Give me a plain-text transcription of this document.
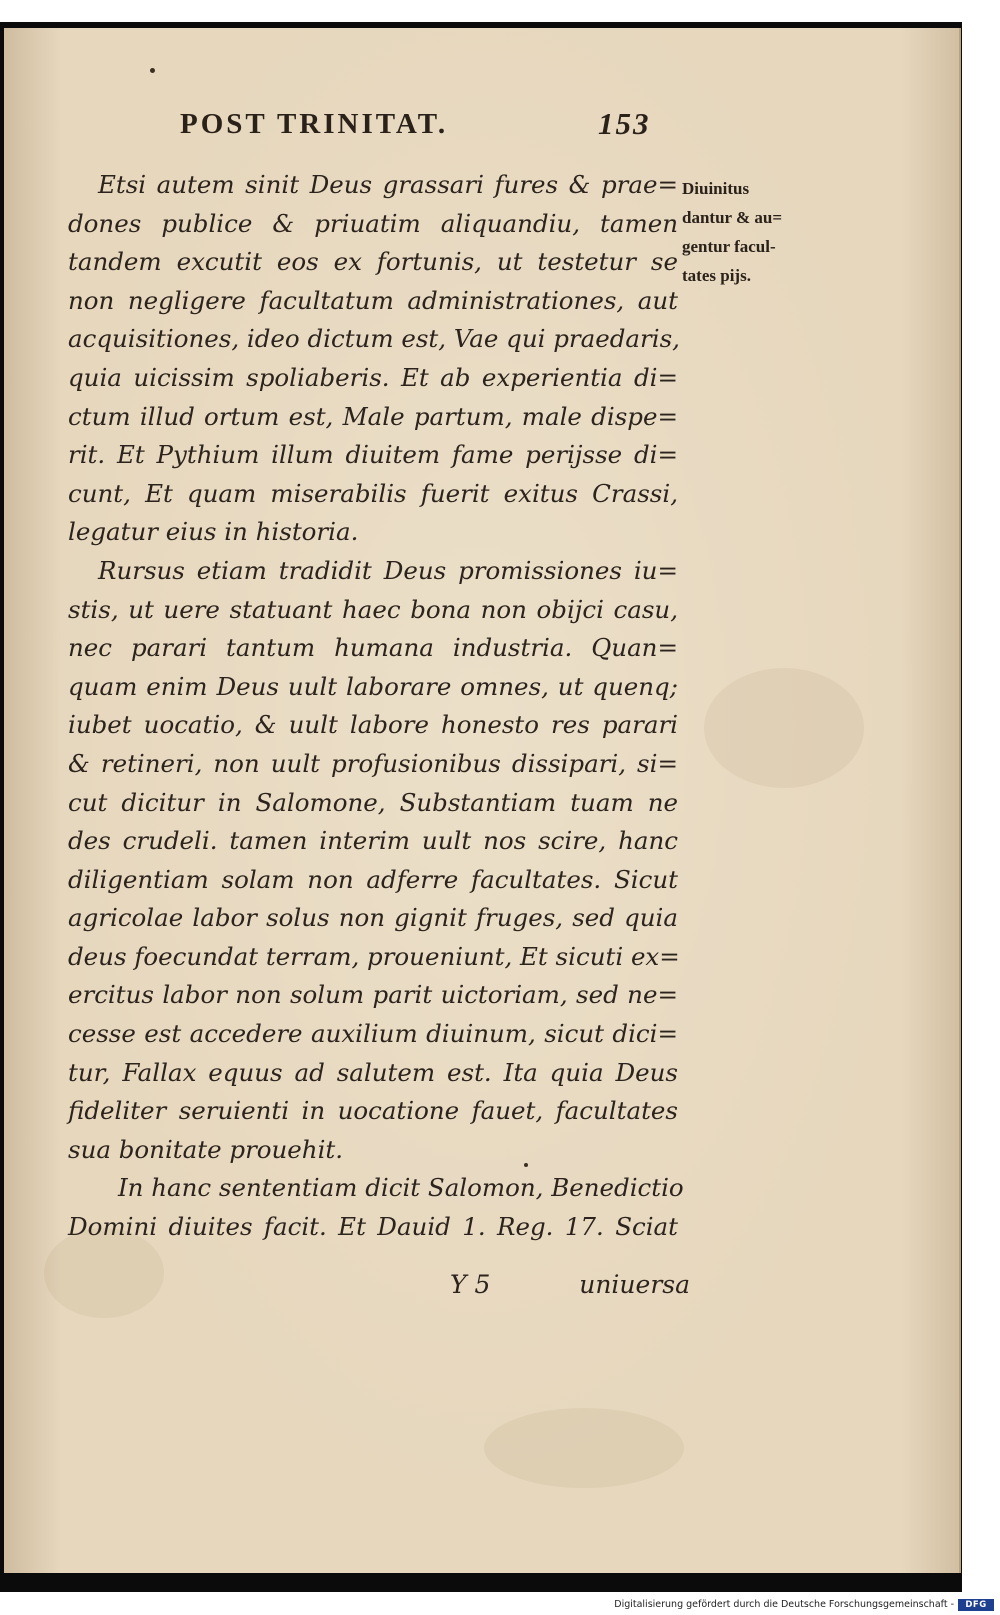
POST TRINITAT.	153
Etsi autem sinit Deus grassari fures & prae=
dones publice & priuatim aliquandiu, tamen
tandem excutit eos ex fortunis, ut testetur se
non negligere facultatum administrationes, aut
acquisitiones, ideo dictum est, Vae qui praedaris,
quia uicissim spoliaberis. Et ab experientia di=
ctum illud ortum est, Male partum, male dispe=
rit. Et Pythium illum diuitem fame perijsse di=
cunt, Et quam miserabilis fuerit exitus Crassi,
legatur eius in historia.
Rursus etiam tradidit Deus promissiones iu=
stis, ut uere statuant haec bona non obijci casu,
nec parari tantum humana industria. Quan=
quam enim Deus uult laborare omnes, ut quenq;
iubet uocatio, & uult labore honesto res parari
& retineri, non uult profusionibus dissipari, si=
cut dicitur in Salomone, Substantiam tuam ne
des crudeli. tamen interim uult nos scire, hanc
diligentiam solam non adferre facultates. Sicut
agricolae labor solus non gignit fruges, sed quia
deus foecundat terram, proueniunt, Et sicuti ex=
ercitus labor non solum parit uictoriam, sed ne=
cesse est accedere auxilium diuinum, sicut dici=
tur, Fallax equus ad salutem est. Ita quia Deus
fideliter seruienti in uocatione fauet, facultates
sua bonitate prouehit.
In hanc sententiam dicit Salomon, Benedictio
Domini diuites facit. Et Dauid 1. Reg. 17. Sciat
Diuinitus
dantur & au=
gentur facul-
tates pijs.
Y 5	uniuersa
Digitalisierung gefördert durch die Deutsche Forschungsgemeinschaft -	DFG
